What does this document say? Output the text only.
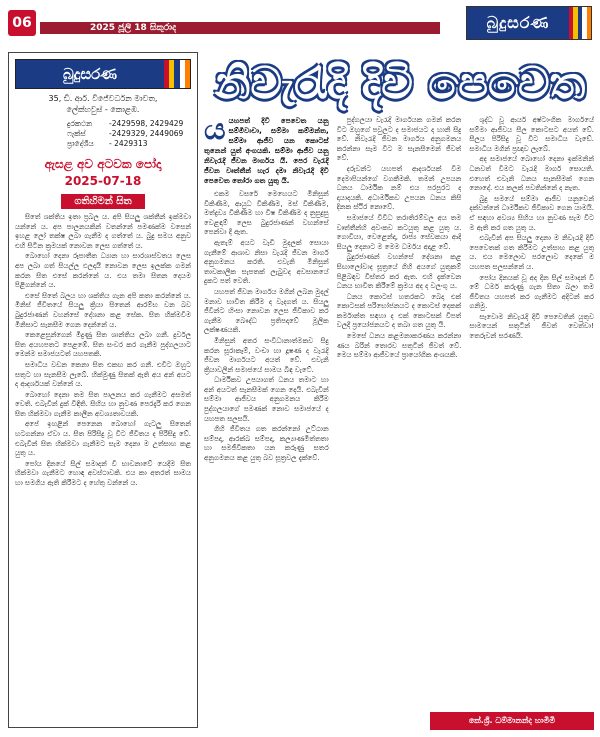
06	2025 ජූලි 18 සිකුරාද	බුදුසරණ
බුදුසරණ
35, ඩී. ආර්. විජේවර්ධන මාවත,
ලේක්හවුස් - කොළඹ.
දුරකථන -2429598, 2429429
ෆැක්ස්	-2429329, 2449069
ප්‍රාදේශීය - 2429313
ඇසළ අව අටවක පෝදා
2025-07-18
ගතිහිමන් සිත

සිතේ ශක්තිය ඉතා ප්‍රබල ය. අපි සියලු ශක්තීන් ඉක්මවා යන්නේ ය. අප පාලනයකින් වතන්නේ පමණක්ම වසෙන් ඉහළ ලෝ තක්ෂ ලබා ගැනීම ද ගත්තේ ය. බුදු සමය අනුව එහි සිටින ක්‍රමයක් නොවන ලෙස ගත්තේ ය.

බොහෝ දෙනා රූපාතීත ධ්‍යාන හා සාරශාස්වතය ලෙස අප ලබා ගත් සියල්ල ඵලදායී නොවන ලෙස ඉලක්ක ගමන් කරන සිත එසේ කරන්නේ ය. එය තමා සිතන දෙයම පිළිගන්නේ ය.

එසේ සිතේ බලය හා ශක්තිය ගැන අපි කතා කරන්නේ ය. මිනිස් ජීවිතයේ සියලු ක්‍රියා සිතෙන් ආරම්භ වන බව බුදුරජාණන් වහන්සේ දේශනා කළ සේක. සිත හික්මවීම මිනිසාට සැනසීම ගෙන දෙන්නේ ය.

කෙළෙසුන්ගෙන් මිදුණු සිත ශාන්තිය ලබා ගනී. දුර්වල සිත අයහපතට පෙළඹේ. සිත සංවර කර ගැනීම පුද්ගලයාට මෙන්ම සමාජයටත් යහපතකි.

සමාධිය වඩන කෙනා සිත එකඟ කර ගනී. එවිට ඔහුට සතුට හා සැනසීම ලැබේ. හික්මුණු සිතක් ඇති අය අන් අයට ද ආදර්ශයක් වන්නේ ය.

බොහෝ දෙනා තම සිත පාලනය කර ගැනීමට අසමත් වෙති. එබැවින් දුක් විඳිති. සිහිය හා නුවණ පෙරදැරි කර ගෙන සිත හික්මවා ගැනීම කාලීන අවශ්‍යතාවයකි.

අපේ ඉහළින් පෙනෙන බොහෝ ගැටලු සිතෙන් හටගන්නා ඒවා ය. සිත පිරිසිදු වූ විට ජීවිතය ද පිරිසිදු වේ. එබැවින් සිත හික්මවා ගැනීමට සැම දෙනා ම උත්සාහ කළ යුතු ය.

පෝය දිනයේ සිල් සමාදන් වී භාවනාවේ යෙදීම සිත හික්මවා ගැනීමට හොඳ අවස්ථාවකි. එය කා අතරත් සාමය හා සමගිය ඇති කිරීමට ද හේතු වන්නේ ය.

නිවැරැදි දිවි පෙවෙත
යයහපත් දිවි පෙවෙත යනු සම්මිවාචා, සම්මා කම්මන්ත, සම්මා ආජීව යන කොටස් තුනෙන් යුත් අංගයකි. සම්මා ආජීව යනු නිවැරැදි ජීවන මාර්ගය යි. පෙර වැරැදි ජීවන වෘත්තීන් හැර දමා නිවැරැදි දිවි පෙවෙත තෝරා ගත යුතු යි.

එකම වසරේ මෙහෙයට මිනිසුන් විකිණීම, ආයුධ විකිණීම, මස් විකිණීම, මත්ද්‍රව්‍ය විකිණීම හා විෂ විකිණීම ද නුසුදුසු වෙළඳාම් ලෙස බුදුරජාණන් වහන්සේ පෙන්වා දී ඇත.

ඇතැම් අයට වැඩි මුදලක් සොයා ගැනීමේ ආශාව නිසා වැරැදි ජීවන මාර්ග අනුගමනය කරති. එවැනි මිනිසුන් තාවකාලික සැපතක් ලැබුවද අවසානයේ දුකට පත් වෙති.

යහපත් ජීවන මාර්ගය මගින් ලබන මුදල් මනාව භාවිත කිරීම ද වැදගත් ය. සියලු ජීවීන්ට හිංසා නොවන ලෙස ජීවිකාව කර ගැනීම බෞද්ධ ප්‍රතිපදාවේ මූලික ලක්ෂණයකි.

මිනිසුන් අතර සංවිධානාත්මකව සිදු කරන සූරාකෑම්, වංචා හා දූෂණ ද වැරැදි ජීවන මාර්ගයට අයත් වේ. එවැනි ක්‍රියාවලින් සමාජයේ සාමය බිඳ වැටේ.

ධාර්මිකව උපයාගත් ධනය තමාට හා අන් අයටත් සැනසීමක් ගෙන දෙයි. එබැවින් සම්මා ආජීවය අනුගමනය කිරීම පුද්ගලයාගේ පමණක් නොව සමාජයේ ද යහපත සලසයි.

ගිහි ජීවිතය ගත කරන්නෝ උට්ඨාන සම්පදා, ආරක්ඛ සම්පදා, කල්‍යාණමිත්තතා හා සමජීවිකතා යන කරුණු සතර අනුගමනය කළ යුතු බව සූත්‍රවල දැක්වේ.

පුද්ගලයා වැරැදි මාර්ගයක ගමන් කරන විට ඔහුගේ පවුලට ද සමාජයට ද හානි සිදු වේ. නිවැරැදි ජීවන මාර්ගය අනුගමනය කරන්නා සැම විට ම සැනසීමෙන් ජීවත් වේ.

දරුවන්ට යහපත් ආදර්ශයක් වීම දෙමාපියන්ගේ වගකීමකි. තමන් උපයන ධනය ධාර්මික නම් එය පරපුරට ද දායාදයකි. අධාර්මිකව උපයන ධනය කිසි දිනක ස්ථිර නොවේ.

සමාජයේ විවිධ තරාතිරම්වල අය තම වෘත්තීන්හි අවංකව කටයුතු කළ යුතු ය. ගොවියා, වෙළෙන්දා, රාජ්‍ය සේවකයා ආදී සියලු දෙනාට ම මෙම ධර්මය අදාළ වේ.

බුදුරජාණන් වහන්සේ දේශනා කළ සිඟාලෝවාද සූත්‍රයේ ගිහි අයගේ යුතුකම් පිළිබඳව විස්තර කර ඇත. එහි දැක්වෙන ධනය භාවිත කිරීමේ ක්‍රමය අද ද වලංගු ය.

ධනය කොටස් හතරකට බෙදා එක් කොටසක් පරිභෝජනයට ද කොටස් දෙකක් කර්මාන්ත සඳහා ද එක් කොටසක් විපත් වලදී ප්‍රයෝජනයට ද තබා ගත යුතු යි.

මෙසේ ධනය කළමනාකරණය කරන්නා ණය බරින් තොරව සතුටින් ජීවත් වේ. මෙය සම්මා ආජීවයේ ප්‍රායෝගික අංශයකි.

ශුද්ධ වූ ආර්ය අෂ්ටාංගික මාර්ගයේ සම්මා ආජීවය සීල කොටසට අයත් වේ. සීලය පිරිසිදු වූ විට සමාධිය වැඩේ. සමාධිය මගින් ප්‍රඥාව ලැබේ.

අද සමාජයේ බොහෝ දෙනා ඉක්මනින් ධනවත් වීමට වැරැදි මාර්ග සොයති. එහෙත් එවැනි ධනය සැනසීමක් ගෙන නොදේ. එය කලක් පවතින්නේ ද නැත.

බුදු සමයේ සම්මා ආජීව යනුවෙන් දක්වන්නේ ධාර්මිකව ජීවිකාව ගෙන යාමයි. ඒ සඳහා අවශ්‍ය සිහිය හා නුවණ සැම විට ම ඇති කර ගත යුතු ය.

එබැවින් අප සියලු දෙනා ම නිවැරැදි දිවි පෙවෙතක් ගත කිරීමට උත්සාහ කළ යුතු ය. එය මෙලොව පරලොව දෙකේ ම යහපත සලසන්නේ ය.

පෝය දිනයක් වූ අද දින සිල් සමාදන් වී මේ ධර්ම කරුණු ගැන සිතා බලා තම ජීවිතය යහපත් කර ගැනීමට අදිටන් කර ගනිමු.

සැවොම නිවැරැදි දිවි පෙවෙතින් යුතුව සාමයෙන් සතුටින් ජීවත් වෙත්වා! තෙරුවන් සරණයි.

කේ.ශ්‍රී. ධම්මානන්ද හාමිමි
